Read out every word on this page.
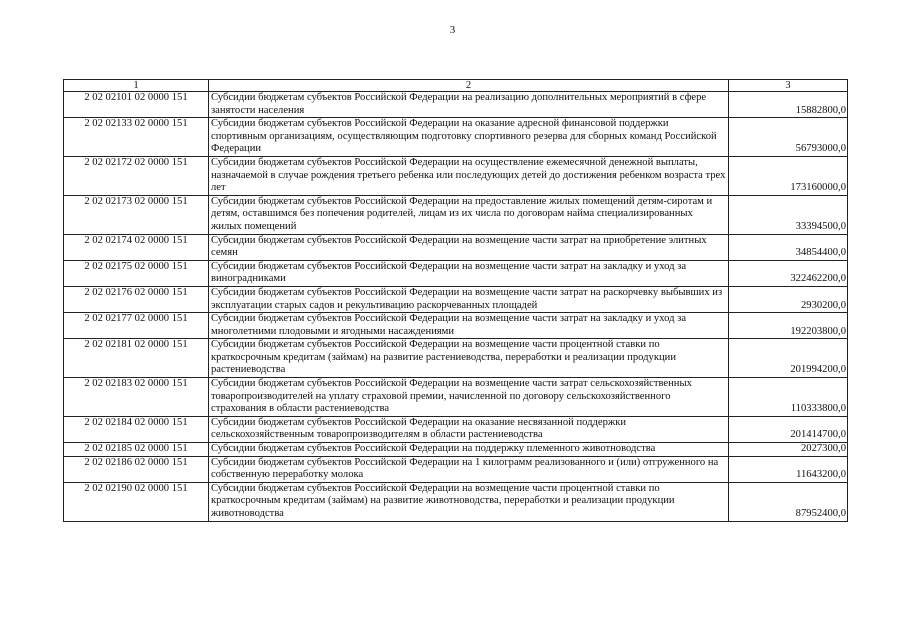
3
1	2	3
2 02 02101 02 0000 151	Субсидии бюджетам субъектов Российской Федерации на реализацию дополнительных мероприятий в сфере занятости населения	15882800,0
2 02 02133 02 0000 151	Субсидии бюджетам субъектов Российской Федерации на оказание адресной финансовой поддержки спортивным организациям, осуществляющим подготовку спортивного резерва для сборных команд Российской Федерации	56793000,0
2 02 02172 02 0000 151	Субсидии бюджетам субъектов Российской Федерации на осуществление ежемесячной денежной выплаты, назначаемой в случае рождения третьего ребенка или последующих детей до достижения ребенком возраста трех лет	173160000,0
2 02 02173 02 0000 151	Субсидии бюджетам субъектов Российской Федерации на предоставление жилых помещений детям-сиротам и детям, оставшимся без попечения родителей, лицам из их числа по договорам найма специализированных жилых помещений	33394500,0
2 02 02174 02 0000 151	Субсидии бюджетам субъектов Российской Федерации на возмещение части затрат на приобретение элитных семян	34854400,0
2 02 02175 02 0000 151	Субсидии бюджетам субъектов Российской Федерации на возмещение части затрат на закладку и уход за виноградниками	322462200,0
2 02 02176 02 0000 151	Субсидии бюджетам субъектов Российской Федерации на возмещение части затрат на раскорчевку выбывших из эксплуатации старых садов и рекультивацию раскорчеванных площадей	2930200,0
2 02 02177 02 0000 151	Субсидии бюджетам субъектов Российской Федерации на возмещение части затрат на закладку и уход за многолетними плодовыми и ягодными насаждениями	192203800,0
2 02 02181 02 0000 151	Субсидии бюджетам субъектов Российской Федерации на возмещение части процентной ставки по краткосрочным кредитам (займам) на развитие растениеводства, переработки и реализации продукции растениеводства	201994200,0
2 02 02183 02 0000 151	Субсидии бюджетам субъектов Российской Федерации на возмещение части затрат сельскохозяйственных товаропроизводителей на уплату страховой премии, начисленной по договору сельскохозяйственного страхования в области растениеводства	110333800,0
2 02 02184 02 0000 151	Субсидии бюджетам субъектов Российской Федерации на оказание несвязанной поддержки сельскохозяйственным товаропроизводителям в области растениеводства	201414700,0
2 02 02185 02 0000 151	Субсидии бюджетам субъектов Российской Федерации на поддержку племенного животноводства	2027300,0
2 02 02186 02 0000 151	Субсидии бюджетам субъектов Российской Федерации на 1 килограмм реализованного и (или) отгруженного на собственную переработку молока	11643200,0
2 02 02190 02 0000 151	Субсидии бюджетам субъектов Российской Федерации на возмещение части процентной ставки по краткосрочным кредитам (займам) на развитие животноводства, переработки и реализации продукции животноводства	87952400,0
